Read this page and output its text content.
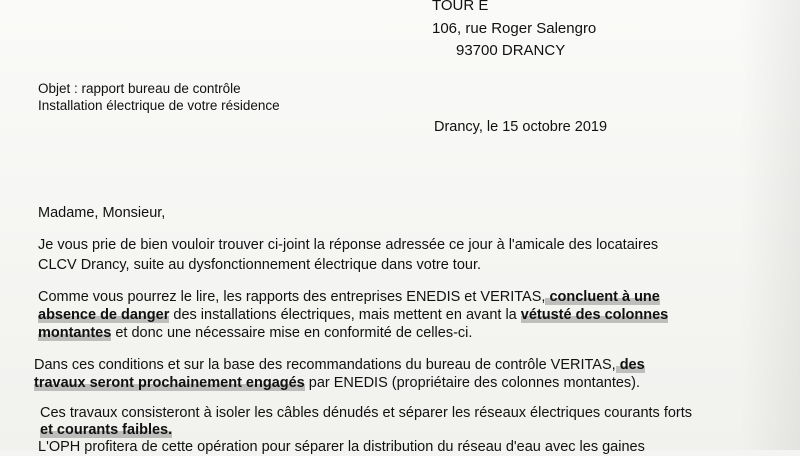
TOUR E
106, rue Roger Salengro
93700 DRANCY
Objet : rapport bureau de contrôle
Installation électrique de votre résidence
Drancy, le 15 octobre 2019
Madame, Monsieur,
Je vous prie de bien vouloir trouver ci-joint la réponse adressée ce jour à l'amicale des locataires
CLCV Drancy, suite au dysfonctionnement électrique dans votre tour.
Comme vous pourrez le lire, les rapports des entreprises ENEDIS et VERITAS, concluent à une
absence de danger des installations électriques, mais mettent en avant la vétusté des colonnes
montantes et donc une nécessaire mise en conformité de celles-ci.
Dans ces conditions et sur la base des recommandations du bureau de contrôle VERITAS, des
travaux seront prochainement engagés par ENEDIS (propriétaire des colonnes montantes).
Ces travaux consisteront à isoler les câbles dénudés et séparer les réseaux électriques courants forts
et courants faibles.
L'OPH profitera de cette opération pour séparer la distribution du réseau d'eau avec les gaines
